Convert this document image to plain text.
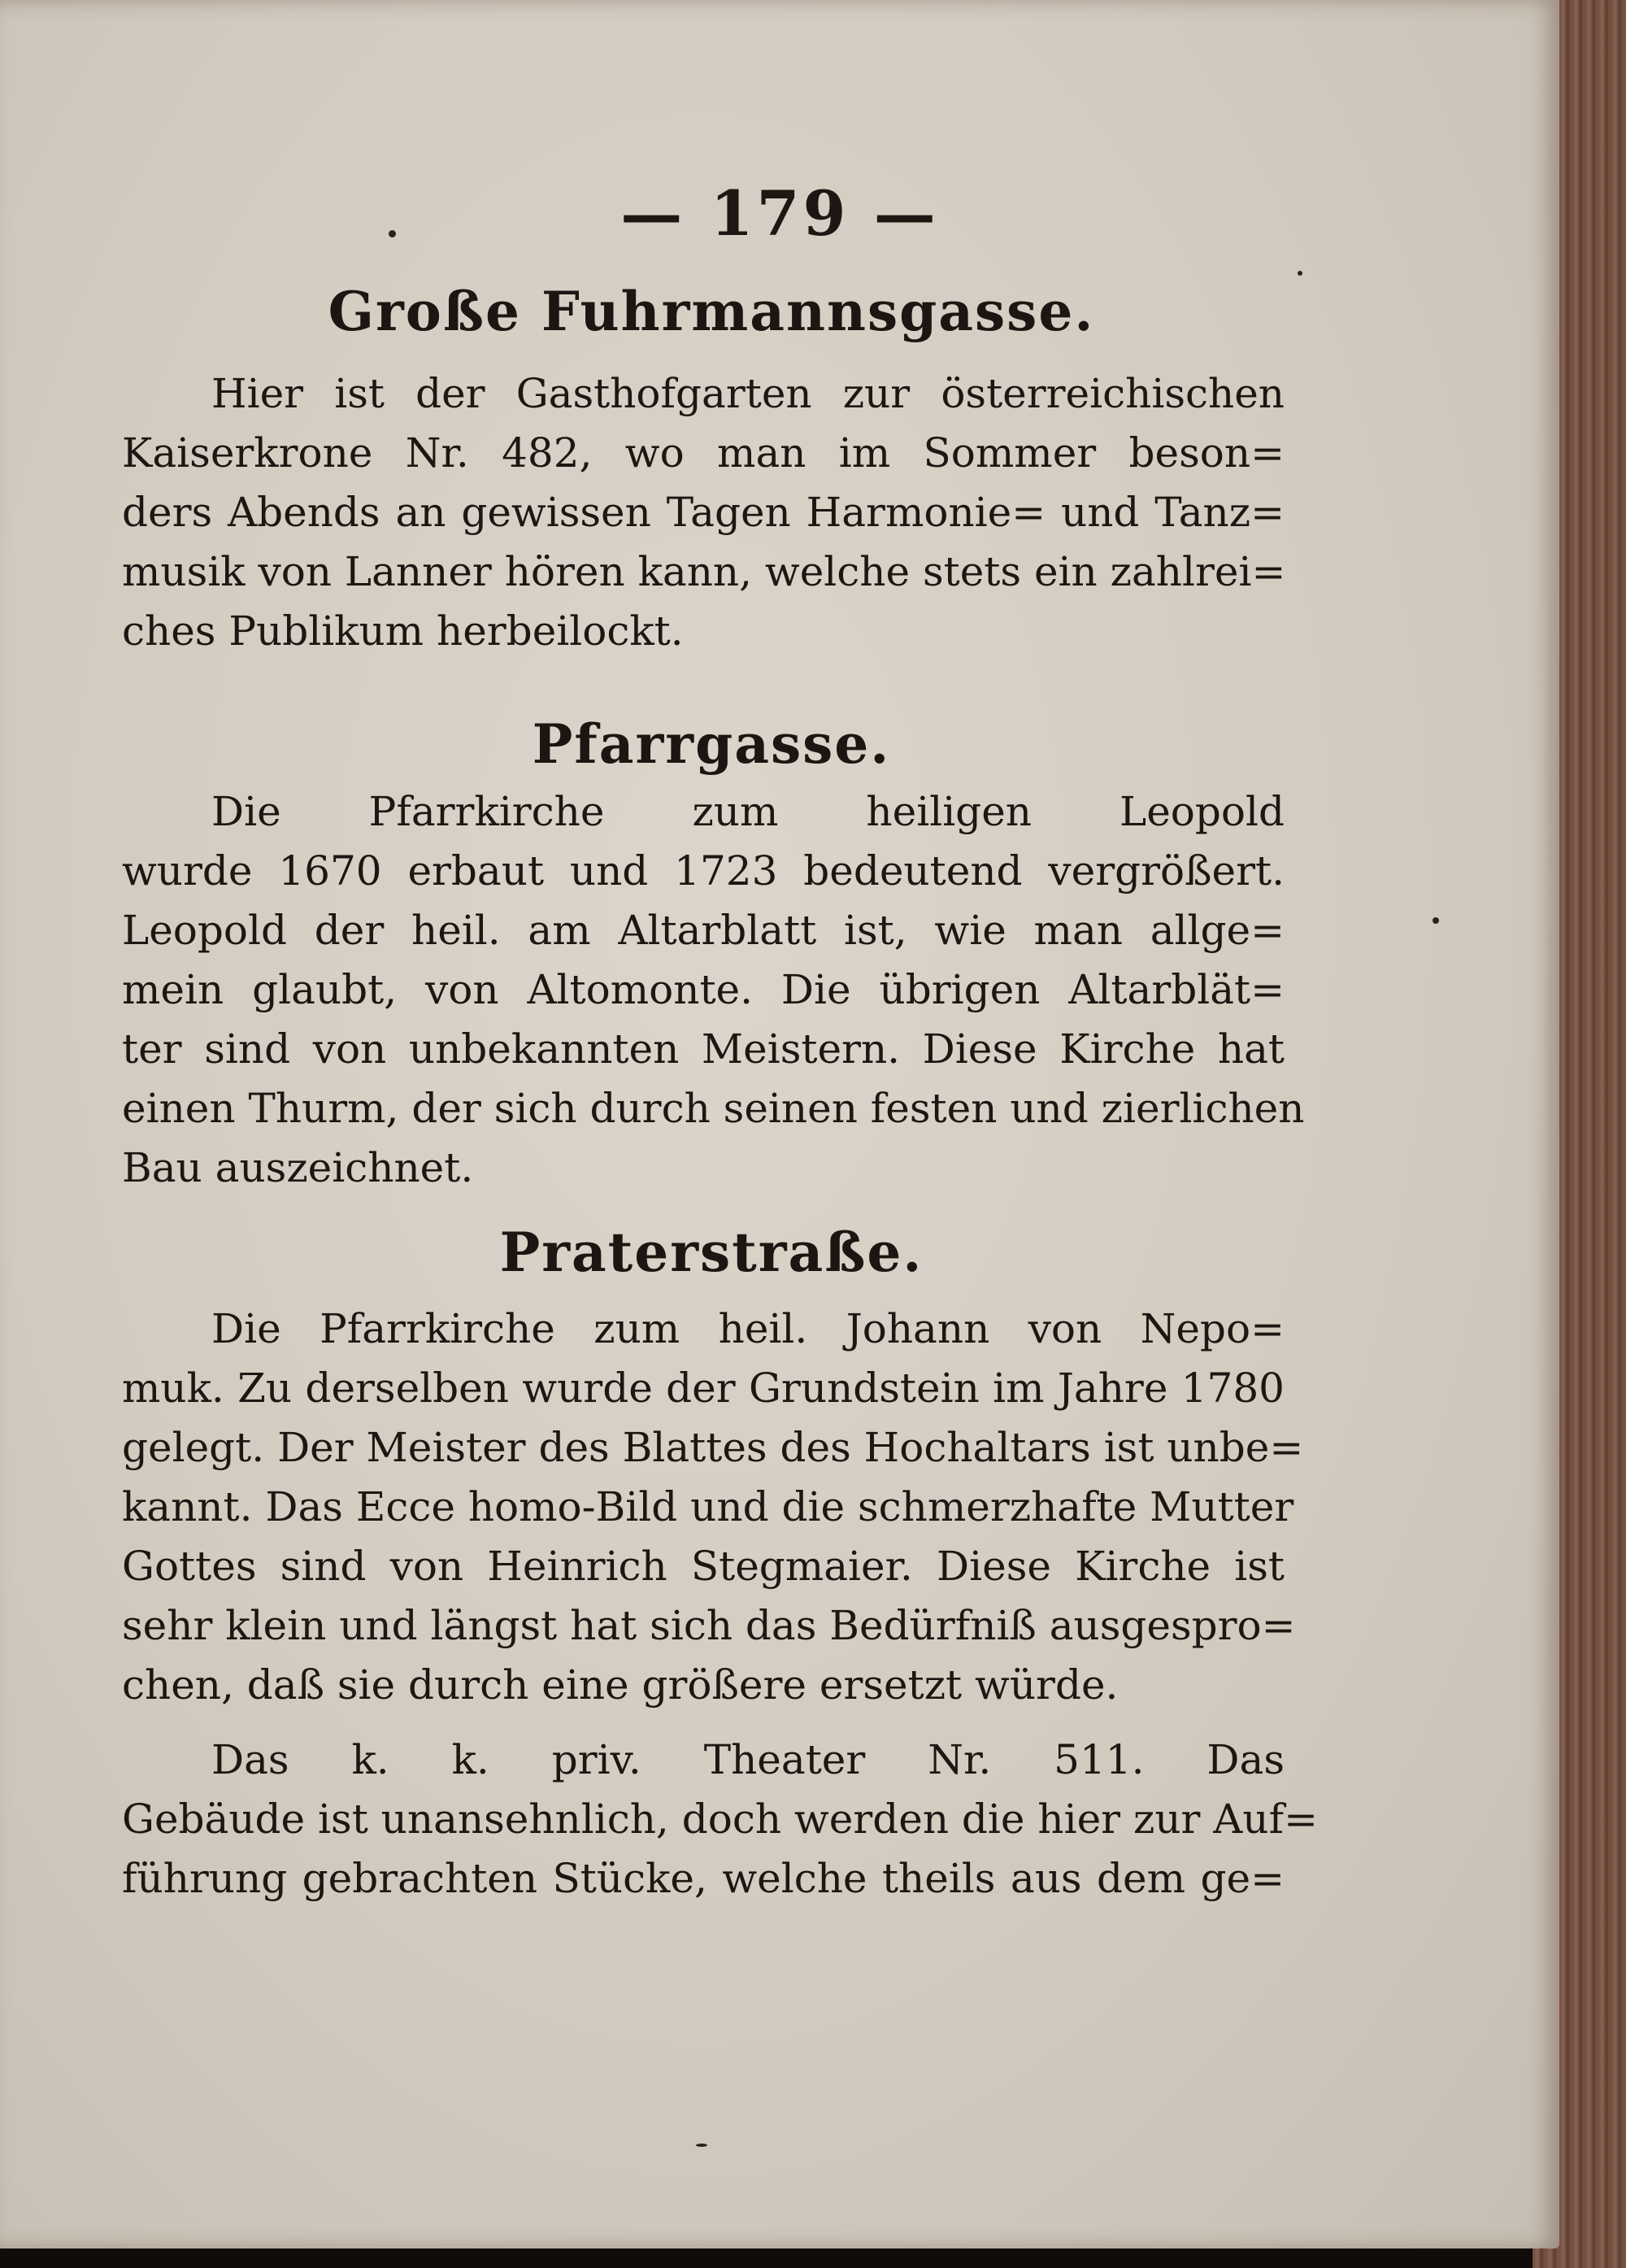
— 179 —
Große Fuhrmannsgasse.
Hier ist der Gasthofgarten zur österreichischen
Kaiserkrone Nr. 482, wo man im Sommer beson=
ders Abends an gewissen Tagen Harmonie= und Tanz=
musik von Lanner hören kann, welche stets ein zahlrei=
ches Publikum herbeilockt.
Pfarrgasse.
Die Pfarrkirche zum heiligen Leopold
wurde 1670 erbaut und 1723 bedeutend vergrößert.
Leopold der heil. am Altarblatt ist, wie man allge=
mein glaubt, von Altomonte. Die übrigen Altarblät=
ter sind von unbekannten Meistern. Diese Kirche hat
einen Thurm, der sich durch seinen festen und zierlichen
Bau auszeichnet.
Praterstraße.
Die Pfarrkirche zum heil. Johann von Nepo=
muk. Zu derselben wurde der Grundstein im Jahre 1780
gelegt. Der Meister des Blattes des Hochaltars ist unbe=
kannt. Das Ecce homo-Bild und die schmerzhafte Mutter
Gottes sind von Heinrich Stegmaier. Diese Kirche ist
sehr klein und längst hat sich das Bedürfniß ausgespro=
chen, daß sie durch eine größere ersetzt würde.
Das k. k. priv. Theater Nr. 511. Das
Gebäude ist unansehnlich, doch werden die hier zur Auf=
führung gebrachten Stücke, welche theils aus dem ge=
